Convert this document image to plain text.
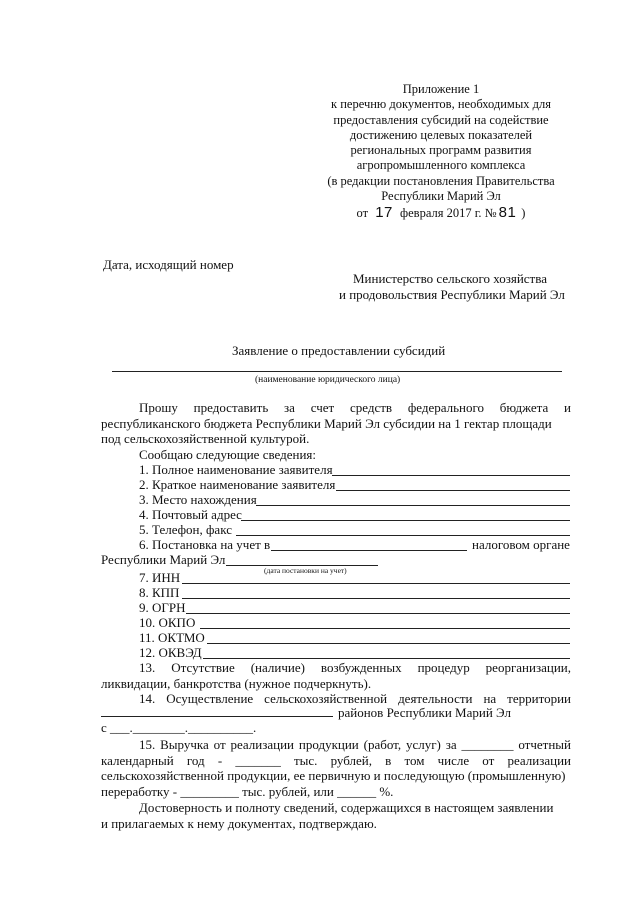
Приложение 1
к перечню документов, необходимых для
предоставления субсидий на содействие
достижению целевых показателей
региональных программ развития
агропромышленного комплекса
(в редакции постановления Правительства
Республики Марий Эл
от 17 февраля 2017 г. № 81 )
Дата, исходящий номер
Министерство сельского хозяйства
и продовольствия Республики Марий Эл
Заявление о предоставлении субсидий
(наименование юридического лица)
Прошу предоставить за счет средств федерального бюджета и
республиканского бюджета Республики Марий Эл субсидии на 1 гектар площади
под сельскохозяйственной культурой.
Сообщаю следующие сведения:
1. Полное наименование заявителя
2. Краткое наименование заявителя
3. Место нахождения
4. Почтовый адрес
5. Телефон, факс
6. Постановка на учет в	налоговом органе
Республики Марий Эл
(дата постановки на учет)
7. ИНН
8. КПП
9. ОГРН
10. ОКПО
11. ОКТМО
12. ОКВЭД
13. Отсутствие (наличие) возбужденных процедур реорганизации,
ликвидации, банкротства (нужное подчеркнуть).
14. Осуществление сельскохозяйственной деятельности на территории
районов Республики Марий Эл
с ___.________.__________.
15. Выручка от реализации продукции (работ, услуг) за ________ отчетный
календарный год - _______ тыс. рублей, в том числе от реализации
сельскохозяйственной продукции, ее первичную и последующую (промышленную)
переработку - _________ тыс. рублей, или ______ %.
Достоверность и полноту сведений, содержащихся в настоящем заявлении
и прилагаемых к нему документах, подтверждаю.
